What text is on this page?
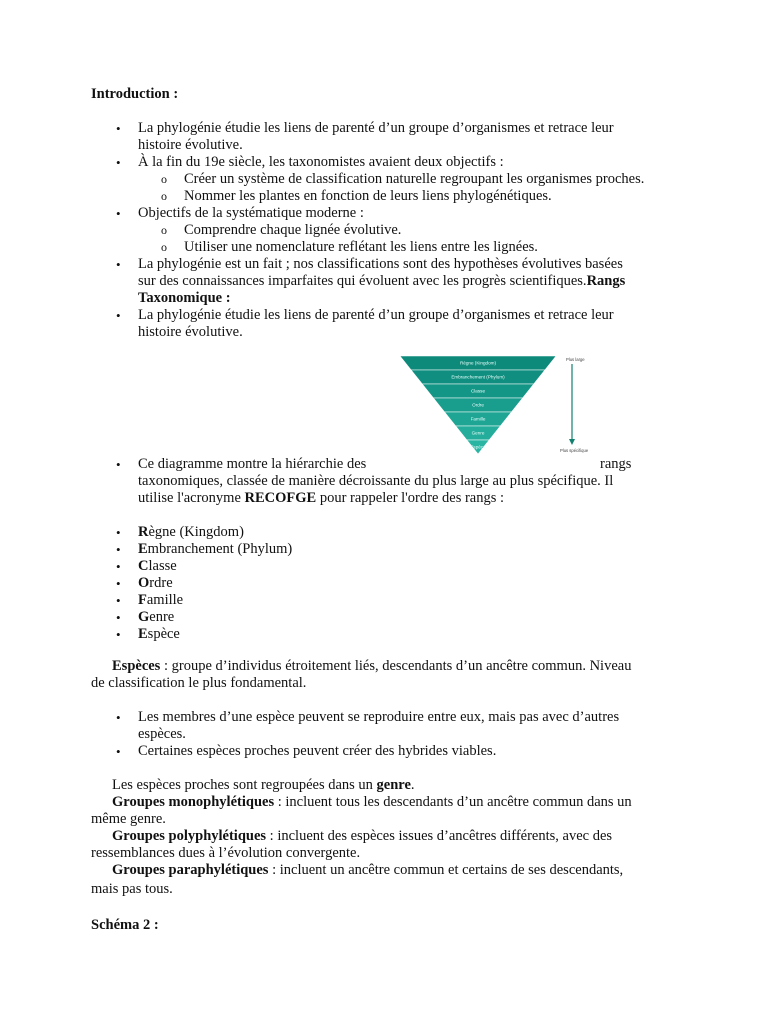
Introduction :
• La phylogénie étudie les liens de parenté d’un groupe d’organismes et retrace leur
histoire évolutive.
• À la fin du 19e siècle, les taxonomistes avaient deux objectifs :
o Créer un système de classification naturelle regroupant les organismes proches.
o Nommer les plantes en fonction de leurs liens phylogénétiques.
• Objectifs de la systématique moderne :
o Comprendre chaque lignée évolutive.
o Utiliser une nomenclature reflétant les liens entre les lignées.
• La phylogénie est un fait ; nos classifications sont des hypothèses évolutives basées
sur des connaissances imparfaites qui évoluent avec les progrès scientifiques.Rangs
Taxonomique :
• La phylogénie étudie les liens de parenté d’un groupe d’organismes et retrace leur
histoire évolutive.
Règne (Kingdom)
Embranchement (Phylum)
Classe
Ordre
Famille
Genre
Espèce
Plus large
Plus spécifique
• Ce diagramme montre la hiérarchie des	rangs
taxonomiques, classée de manière décroissante du plus large au plus spécifique. Il
utilise l'acronyme RECOFGE pour rappeler l'ordre des rangs :
• Règne (Kingdom)
• Embranchement (Phylum)
• Classe
• Ordre
• Famille
• Genre
• Espèce
Espèces : groupe d’individus étroitement liés, descendants d’un ancêtre commun. Niveau
de classification le plus fondamental.
• Les membres d’une espèce peuvent se reproduire entre eux, mais pas avec d’autres
espèces.
• Certaines espèces proches peuvent créer des hybrides viables.
Les espèces proches sont regroupées dans un genre.
Groupes monophylétiques : incluent tous les descendants d’un ancêtre commun dans un
même genre.
Groupes polyphylétiques : incluent des espèces issues d’ancêtres différents, avec des
ressemblances dues à l’évolution convergente.
Groupes paraphylétiques : incluent un ancêtre commun et certains de ses descendants,
mais pas tous.
Schéma 2 :
